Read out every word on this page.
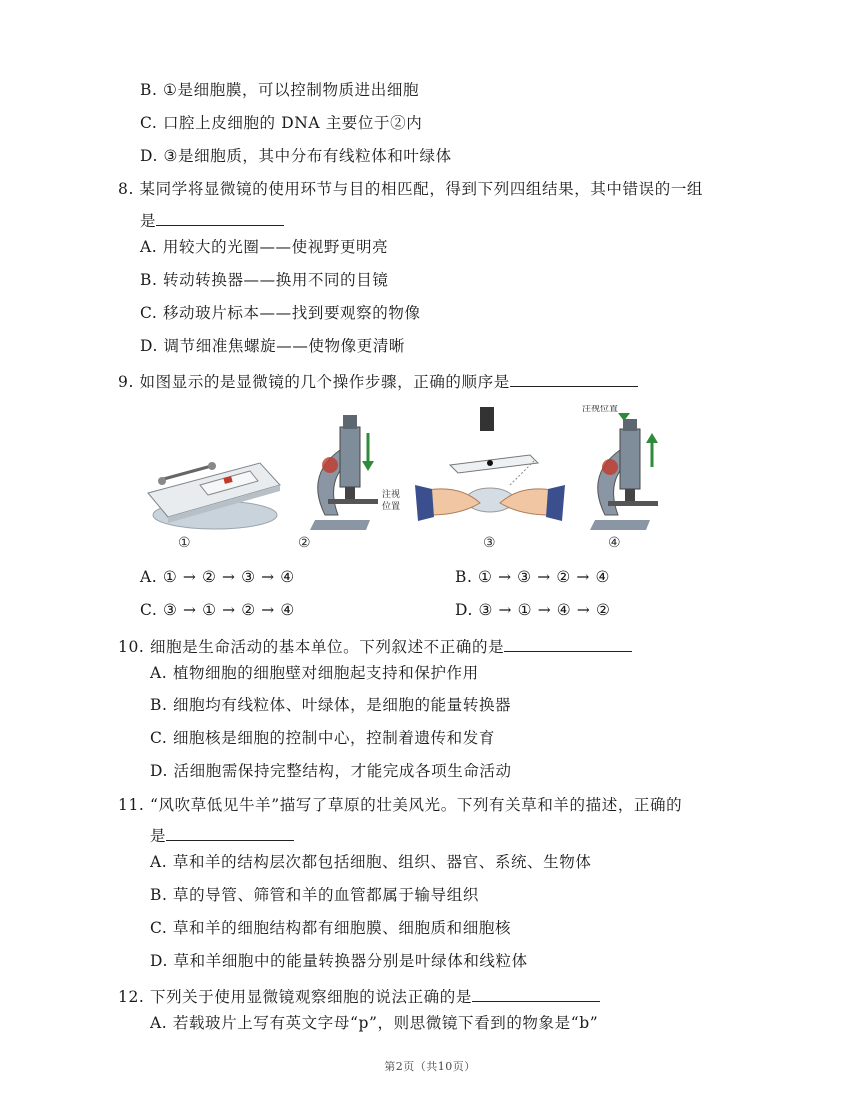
B. ①是细胞膜，可以控制物质进出细胞
C. 口腔上皮细胞的 DNA 主要位于②内
D. ③是细胞质，其中分布有线粒体和叶绿体
8. 某同学将显微镜的使用环节与目的相匹配，得到下列四组结果，其中错误的一组
是
A. 用较大的光圈——使视野更明亮
B. 转动转换器——换用不同的目镜
C. 移动玻片标本——找到要观察的物像
D. 调节细准焦螺旋——使物像更清晰
9. 如图显示的是显微镜的几个操作步骤，正确的顺序是
①
注视
位置
②	③
注视位置
④
A. ① → ② → ③ → ④	B. ① → ③ → ② → ④
C. ③ → ① → ② → ④	D. ③ → ① → ④ → ②
10. 细胞是生命活动的基本单位。下列叙述不正确的是
A. 植物细胞的细胞壁对细胞起支持和保护作用
B. 细胞均有线粒体、叶绿体，是细胞的能量转换器
C. 细胞核是细胞的控制中心，控制着遗传和发育
D. 活细胞需保持完整结构，才能完成各项生命活动
11. “风吹草低见牛羊”描写了草原的壮美风光。下列有关草和羊的描述，正确的
是
A. 草和羊的结构层次都包括细胞、组织、器官、系统、生物体
B. 草的导管、筛管和羊的血管都属于输导组织
C. 草和羊的细胞结构都有细胞膜、细胞质和细胞核
D. 草和羊细胞中的能量转换器分别是叶绿体和线粒体
12. 下列关于使用显微镜观察细胞的说法正确的是
A. 若载玻片上写有英文字母“p”，则思微镜下看到的物象是“b”
第2页（共10页）
